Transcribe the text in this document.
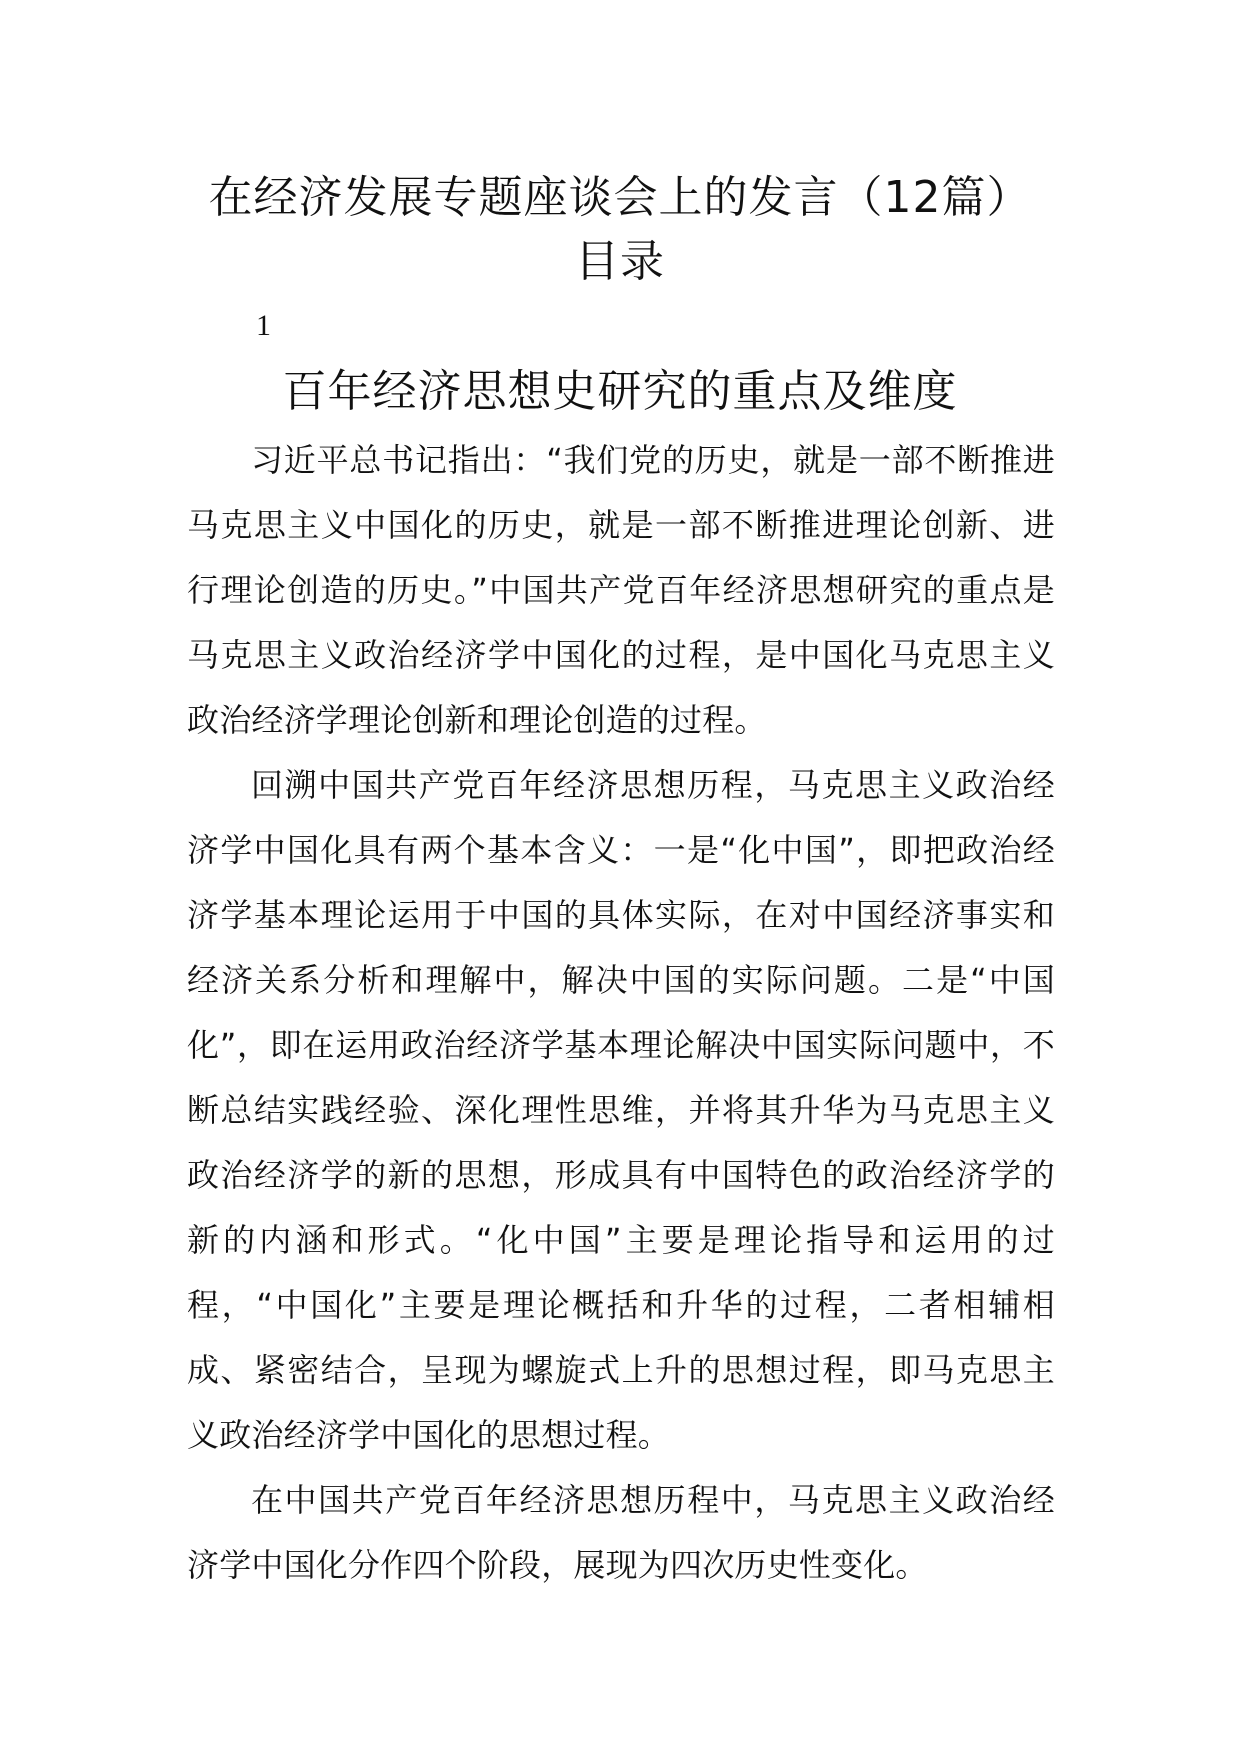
在经济发展专题座谈会上的发言（12篇）
目录
1
百年经济思想史研究的重点及维度

习近平总书记指出：“我们党的历史，就是一部不断推进马克思主义中国化的历史，就是一部不断推进理论创新、进行理论创造的历史。”中国共产党百年经济思想研究的重点是马克思主义政治经济学中国化的过程，是中国化马克思主义政治经济学理论创新和理论创造的过程。

回溯中国共产党百年经济思想历程，马克思主义政治经济学中国化具有两个基本含义：一是“化中国”，即把政治经济学基本理论运用于中国的具体实际，在对中国经济事实和经济关系分析和理解中，解决中国的实际问题。二是“中国化”，即在运用政治经济学基本理论解决中国实际问题中，不断总结实践经验、深化理性思维，并将其升华为马克思主义政治经济学的新的思想，形成具有中国特色的政治经济学的新的内涵和形式。“化中国”主要是理论指导和运用的过程，“中国化”主要是理论概括和升华的过程，二者相辅相成、紧密结合，呈现为螺旋式上升的思想过程，即马克思主义政治经济学中国化的思想过程。

在中国共产党百年经济思想历程中，马克思主义政治经济学中国化分作四个阶段，展现为四次历史性变化。
